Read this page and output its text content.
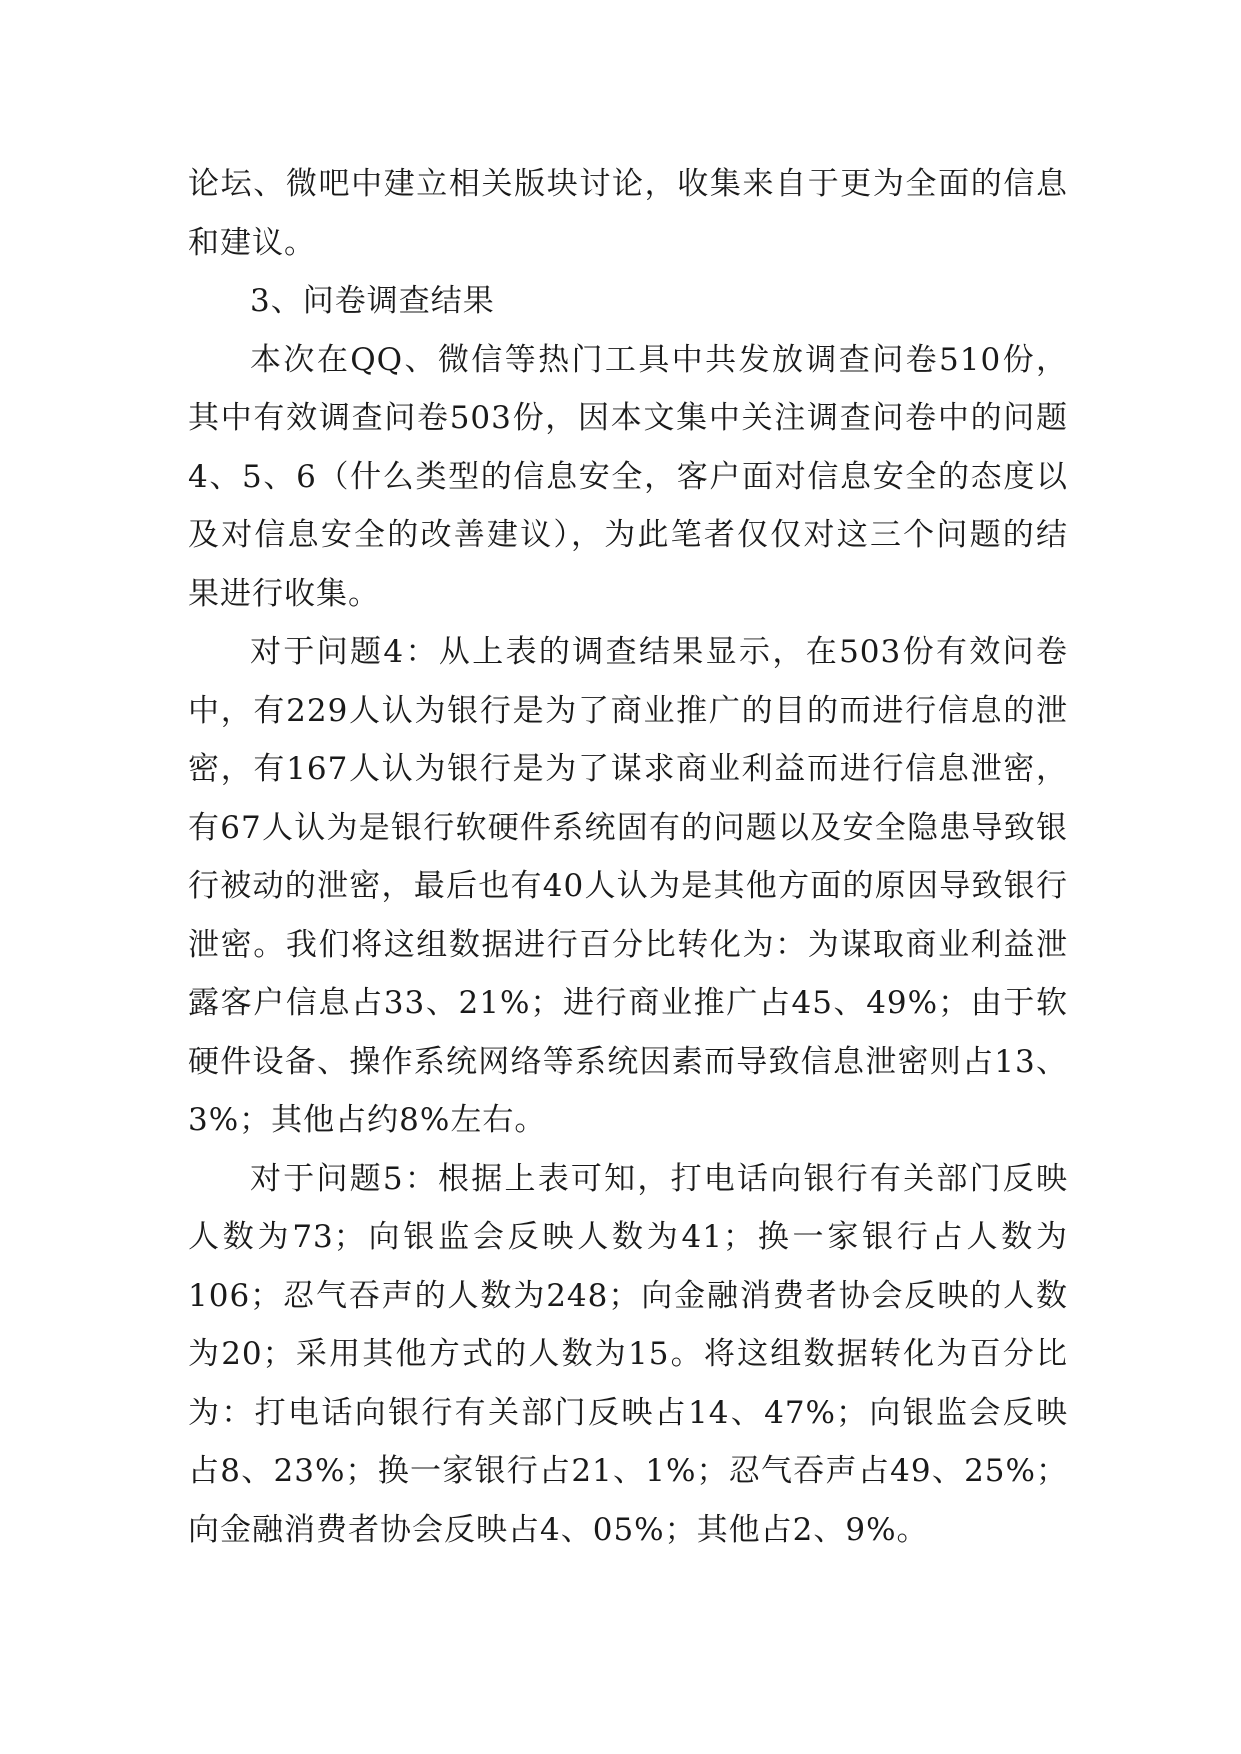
论坛、微吧中建立相关版块讨论，收集来自于更为全面的信息和建议。

3、问卷调查结果

本次在QQ、微信等热门工具中共发放调查问卷510份，其中有效调查问卷503份，因本文集中关注调查问卷中的问题4、5、6（什么类型的信息安全，客户面对信息安全的态度以及对信息安全的改善建议），为此笔者仅仅对这三个问题的结果进行收集。

对于问题4：从上表的调查结果显示，在503份有效问卷中，有229人认为银行是为了商业推广的目的而进行信息的泄密，有167人认为银行是为了谋求商业利益而进行信息泄密，有67人认为是银行软硬件系统固有的问题以及安全隐患导致银行被动的泄密，最后也有40人认为是其他方面的原因导致银行泄密。我们将这组数据进行百分比转化为：为谋取商业利益泄露客户信息占33、21%；进行商业推广占45、49%；由于软硬件设备、操作系统网络等系统因素而导致信息泄密则占13、3%；其他占约8%左右。

对于问题5：根据上表可知，打电话向银行有关部门反映人数为73；向银监会反映人数为41；换一家银行占人数为106；忍气吞声的人数为248；向金融消费者协会反映的人数为20；采用其他方式的人数为15。将这组数据转化为百分比为：打电话向银行有关部门反映占14、47%；向银监会反映占8、23%；换一家银行占21、1%；忍气吞声占49、25%；向金融消费者协会反映占4、05%；其他占2、9%。
